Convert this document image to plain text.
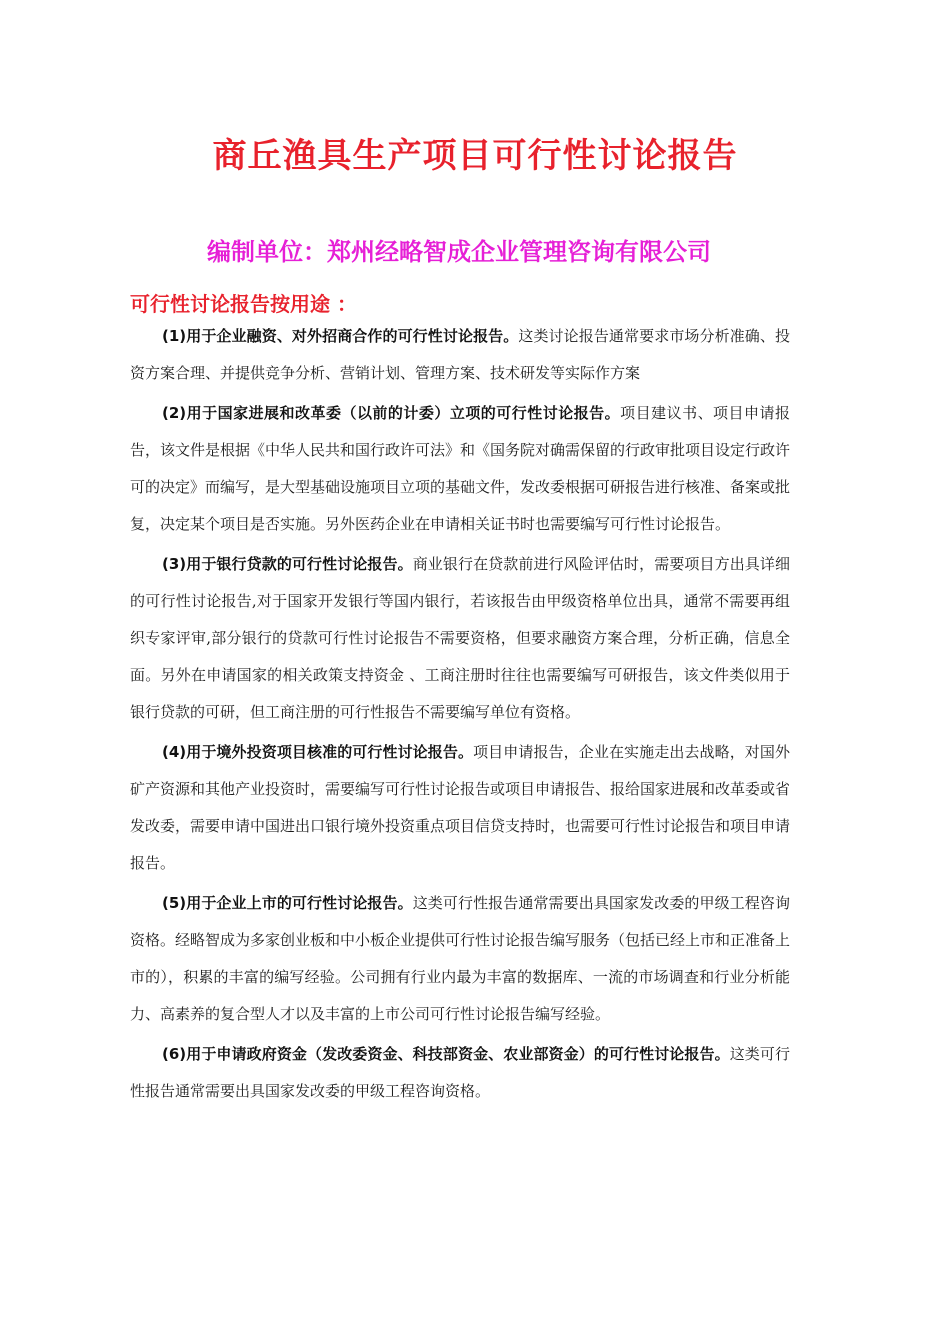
商丘渔具生产项目可行性讨论报告
编制单位：郑州经略智成企业管理咨询有限公司
可行性讨论报告按用途 ：

(1)用于企业融资、对外招商合作的可行性讨论报告。这类讨论报告通常要求市场分析准确、投资方案合理、并提供竞争分析、营销计划、管理方案、技术研发等实际作方案

(2)用于国家进展和改革委（以前的计委）立项的可行性讨论报告。项目建议书、项目申请报告，该文件是根据《中华人民共和国行政许可法》和《国务院对确需保留的行政审批项目设定行政许可的决定》而编写，是大型基础设施项目立项的基础文件，发改委根据可研报告进行核准、备案或批复，决定某个项目是否实施。另外医药企业在申请相关证书时也需要编写可行性讨论报告。

(3)用于银行贷款的可行性讨论报告。商业银行在贷款前进行风险评估时，需要项目方出具详细的可行性讨论报告,对于国家开发银行等国内银行，若该报告由甲级资格单位出具，通常不需要再组织专家评审,部分银行的贷款可行性讨论报告不需要资格，但要求融资方案合理，分析正确，信息全面。另外在申请国家的相关政策支持资金 、工商注册时往往也需要编写可研报告，该文件类似用于银行贷款的可研，但工商注册的可行性报告不需要编写单位有资格。

(4)用于境外投资项目核准的可行性讨论报告。项目申请报告，企业在实施走出去战略，对国外矿产资源和其他产业投资时，需要编写可行性讨论报告或项目申请报告、报给国家进展和改革委或省发改委，需要申请中国进出口银行境外投资重点项目信贷支持时，也需要可行性讨论报告和项目申请报告。

(5)用于企业上市的可行性讨论报告。这类可行性报告通常需要出具国家发改委的甲级工程咨询资格。经略智成为多家创业板和中小板企业提供可行性讨论报告编写服务（包括已经上市和正准备上市的），积累的丰富的编写经验。公司拥有行业内最为丰富的数据库、一流的市场调查和行业分析能力、高素养的复合型人才以及丰富的上市公司可行性讨论报告编写经验。

(6)用于申请政府资金（发改委资金、科技部资金、农业部资金）的可行性讨论报告。这类可行性报告通常需要出具国家发改委的甲级工程咨询资格。
